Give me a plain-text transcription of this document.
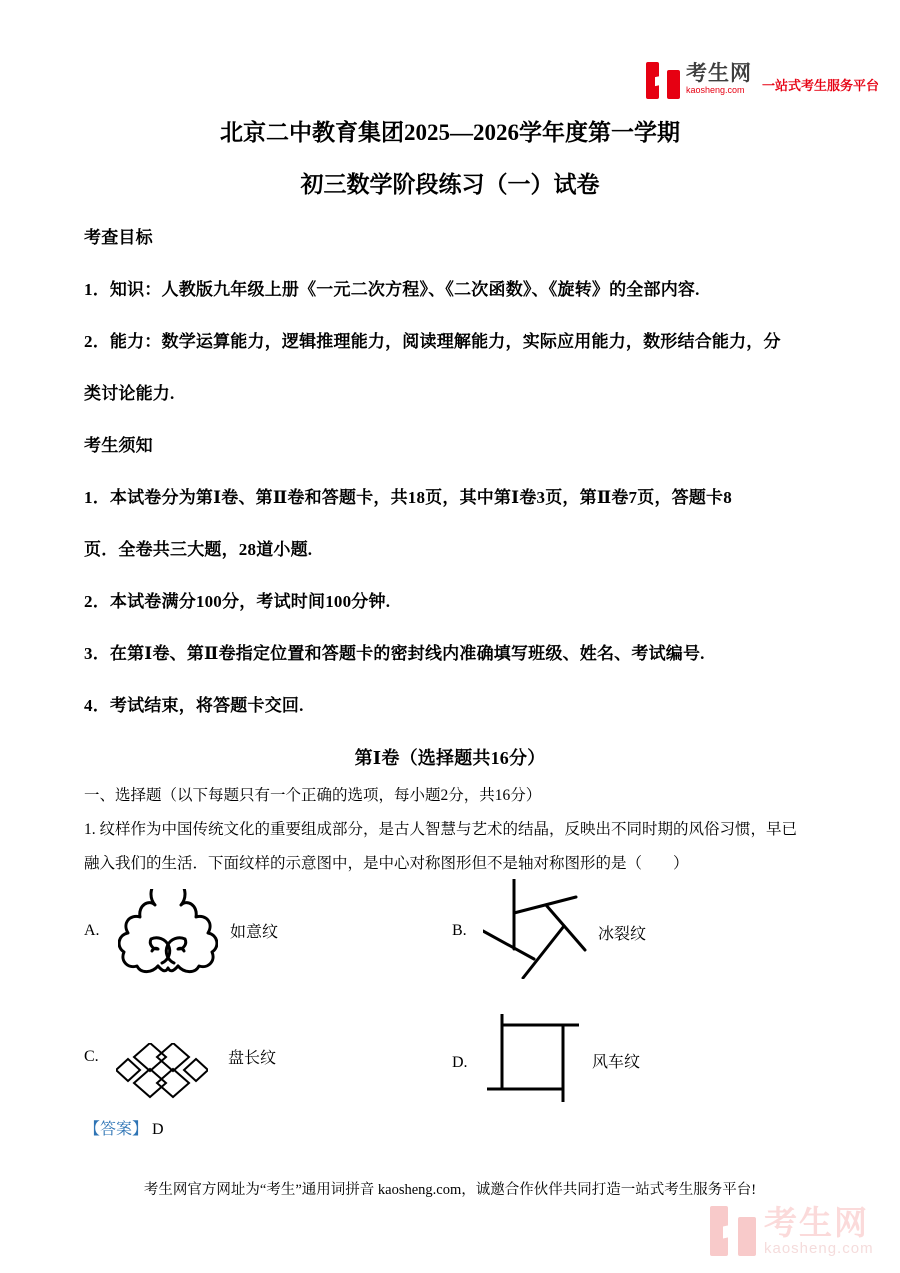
考生网
kaosheng.com	一站式考生服务平台
北京二中教育集团2025—2026学年度第一学期
初三数学阶段练习（一）试卷
考查目标
1．知识：人教版九年级上册《一元二次方程》、《二次函数》、《旋转》的全部内容.
2．能力：数学运算能力，逻辑推理能力，阅读理解能力，实际应用能力，数形结合能力，分
类讨论能力.
考生须知
1．本试卷分为第Ⅰ卷、第Ⅱ卷和答题卡，共18页，其中第Ⅰ卷3页，第Ⅱ卷7页，答题卡8
页．全卷共三大题，28道小题.
2．本试卷满分100分，考试时间100分钟.
3．在第Ⅰ卷、第Ⅱ卷指定位置和答题卡的密封线内准确填写班级、姓名、考试编号.
4．考试结束，将答题卡交回.
第Ⅰ卷（选择题共16分）
一、选择题（以下每题只有一个正确的选项，每小题2分，共16分）
1. 纹样作为中国传统文化的重要组成部分，是古人智慧与艺术的结晶，反映出不同时期的风俗习惯，早已
融入我们的生活．下面纹样的示意图中，是中心对称图形但不是轴对称图形的是（　　）
A.	如意纹	B.	冰裂纹
C.	盘长纹	D.	风车纹
【答案】 D
考生网官方网址为“考生”通用词拼音 kaosheng.com，诚邀合作伙伴共同打造一站式考生服务平台!
考生网
kaosheng.com
